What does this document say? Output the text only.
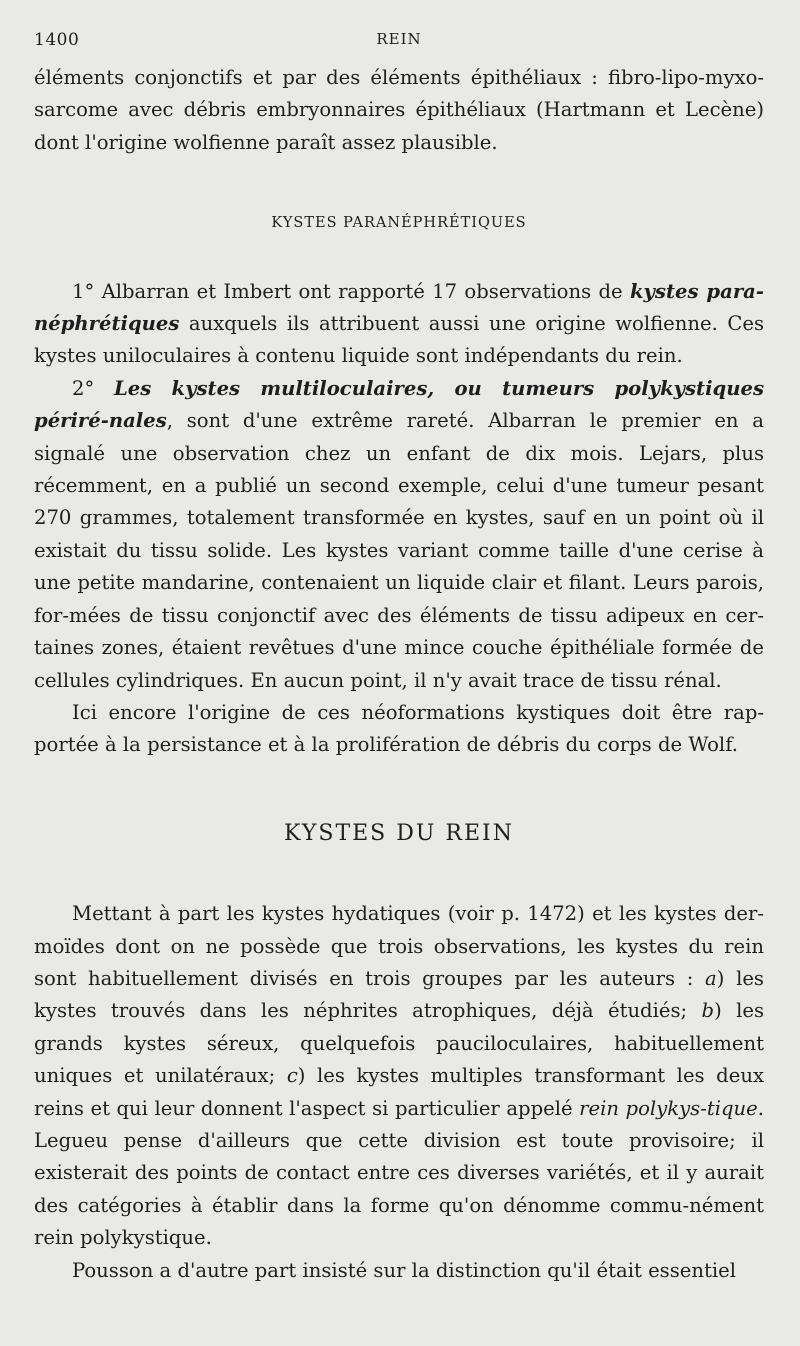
1400	REIN

éléments conjonctifs et par des éléments épithéliaux : fibro-lipo-myxo-sarcome avec débris embryonnaires épithéliaux (Hartmann et Lecène) dont l'origine wolfienne paraît assez plausible.

KYSTES PARANÉPHRÉTIQUES

1° Albarran et Imbert ont rapporté 17 observations de kystes para-néphrétiques auxquels ils attribuent aussi une origine wolfienne. Ces kystes uniloculaires à contenu liquide sont indépendants du rein.

2° Les kystes multiloculaires, ou tumeurs polykystiques périré-nales, sont d'une extrême rareté. Albarran le premier en a signalé une observation chez un enfant de dix mois. Lejars, plus récemment, en a publié un second exemple, celui d'une tumeur pesant 270 grammes, totalement transformée en kystes, sauf en un point où il existait du tissu solide. Les kystes variant comme taille d'une cerise à une petite mandarine, contenaient un liquide clair et filant. Leurs parois, for-mées de tissu conjonctif avec des éléments de tissu adipeux en cer-taines zones, étaient revêtues d'une mince couche épithéliale formée de cellules cylindriques. En aucun point, il n'y avait trace de tissu rénal.

Ici encore l'origine de ces néoformations kystiques doit être rap-portée à la persistance et à la prolifération de débris du corps de Wolf.

KYSTES DU REIN

Mettant à part les kystes hydatiques (voir p. 1472) et les kystes der-moïdes dont on ne possède que trois observations, les kystes du rein sont habituellement divisés en trois groupes par les auteurs : a) les kystes trouvés dans les néphrites atrophiques, déjà étudiés; b) les grands kystes séreux, quelquefois pauciloculaires, habituellement uniques et unilatéraux; c) les kystes multiples transformant les deux reins et qui leur donnent l'aspect si particulier appelé rein polykys-tique. Legueu pense d'ailleurs que cette division est toute provisoire; il existerait des points de contact entre ces diverses variétés, et il y aurait des catégories à établir dans la forme qu'on dénomme commu-nément rein polykystique.

Pousson a d'autre part insisté sur la distinction qu'il était essentiel
